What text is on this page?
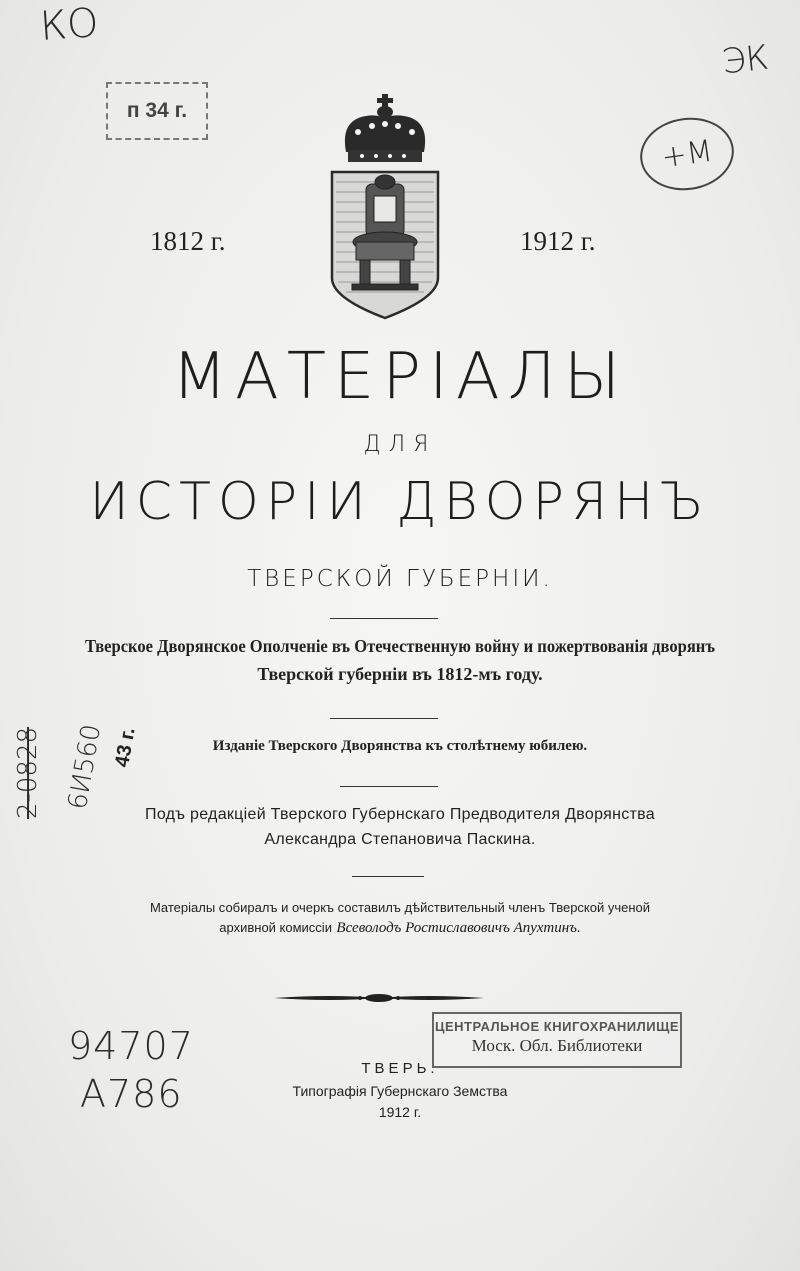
КО
ЭК
п 34 г.
+М
1812 г.	1912 г.
МАТЕРIАЛЫ
ДЛЯ
ИСТОРIИ ДВОРЯНЪ
ТВЕРСКОЙ ГУБЕРНIИ.
Тверское Дворянское Ополченiе въ Отечественную войну и пожертвованiя дворянъ
Тверской губернiи въ 1812-мъ году.
Изданiе Тверского Дворянства къ столѣтнему юбилею.
2-0828 6И560 43 г.
Подъ редакцiей Тверского Губернскаго Предводителя Дворянства
Александра Степановича Паскина.
Матерiалы собиралъ и очеркъ составилъ дѣйствительный членъ Тверской ученой
архивной комиссiи Всеволодъ Ростиславовичъ Апухтинъ.
ЦЕНТРАЛЬНОЕ КНИГОХРАНИЛИЩЕ
Моск. Обл. Библиотеки
94707
А786
ТВЕРЬ.
Типографiя Губернскаго Земства
1912 г.
